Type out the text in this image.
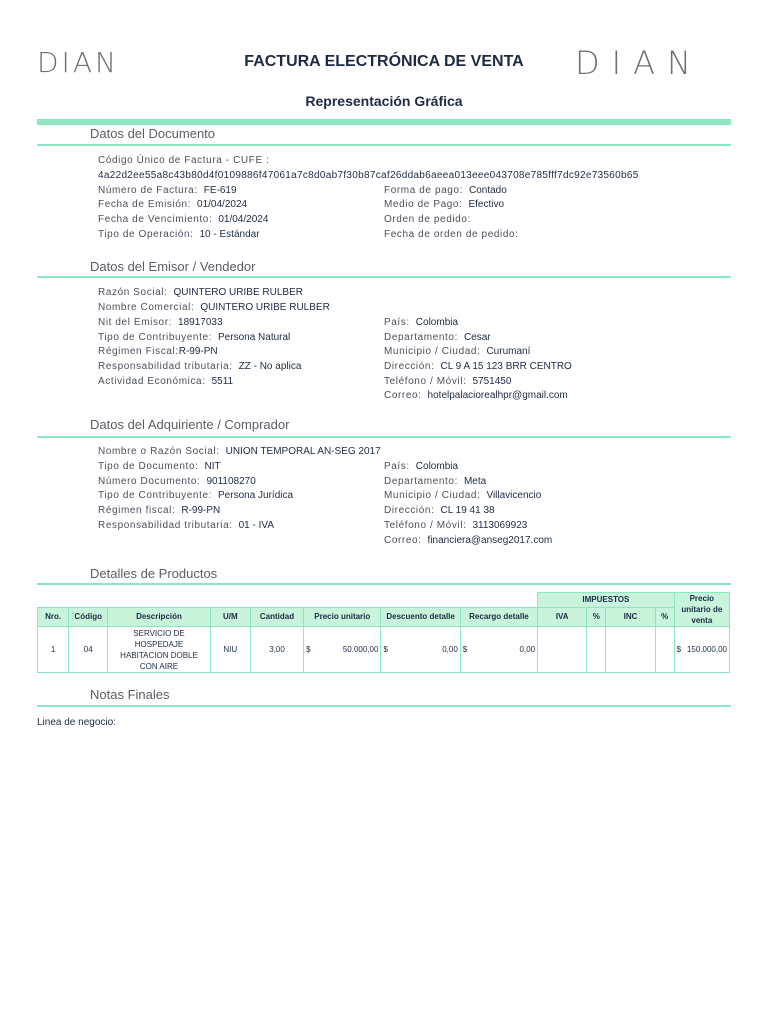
DIAN	DIAN
FACTURA ELECTRÓNICA DE VENTA
Representación Gráfica
Datos del Documento
Código Único de Factura - CUFE :
4a22d2ee55a8c43b80d4f0109886f47061a7c8d0ab7f30b87caf26ddab6aeea013eee043708e785fff7dc92e73560b65
Número de Factura: FE-619
Fecha de Emisión: 01/04/2024
Fecha de Vencimiento: 01/04/2024
Tipo de Operación: 10 - Estándar
Forma de pago: Contado
Medio de Pago: Efectivo
Orden de pedido:
Fecha de orden de pedido:
Datos del Emisor / Vendedor
Razón Social: QUINTERO URIBE RULBER
Nombre Comercial: QUINTERO URIBE RULBER
Nit del Emisor: 18917033
Tipo de Contribuyente: Persona Natural
Régimen Fiscal:R-99-PN
Responsabilidad tributaria: ZZ - No aplica
Actividad Económica: 5511
País: Colombia
Departamento: Cesar
Municipio / Ciudad: Curumaní
Dirección: CL 9 A 15 123 BRR CENTRO
Teléfono / Móvil: 5751450
Correo: hotelpalaciorealhpr@gmail.com
Datos del Adquiriente / Comprador
Nombre o Razón Social: UNION TEMPORAL AN-SEG 2017
Tipo de Documento: NIT
Número Documento: 901108270
Tipo de Contribuyente: Persona Jurídica
Régimen fiscal: R-99-PN
Responsabilidad tributaria: 01 - IVA
País: Colombia
Departamento: Meta
Municipio / Ciudad: Villavicencio
Dirección: CL 19 41 38
Teléfono / Móvil: 3113069923
Correo: financiera@anseg2017.com
Detalles de Productos
								IMPUESTOS				Precio unitario de venta
Nro.	Código	Descripción	U/M	Cantidad	Precio unitario	Descuento detalle	Recargo detalle	IVA	%	INC	%	
1	04	SERVICIO DE HOSPEDAJE HABITACION DOBLE CON AIRE	NIU	3,00	$ 50.000,00	$ 0,00	$ 0,00					$ 150.000,00
Notas Finales
Linea de negocio:
